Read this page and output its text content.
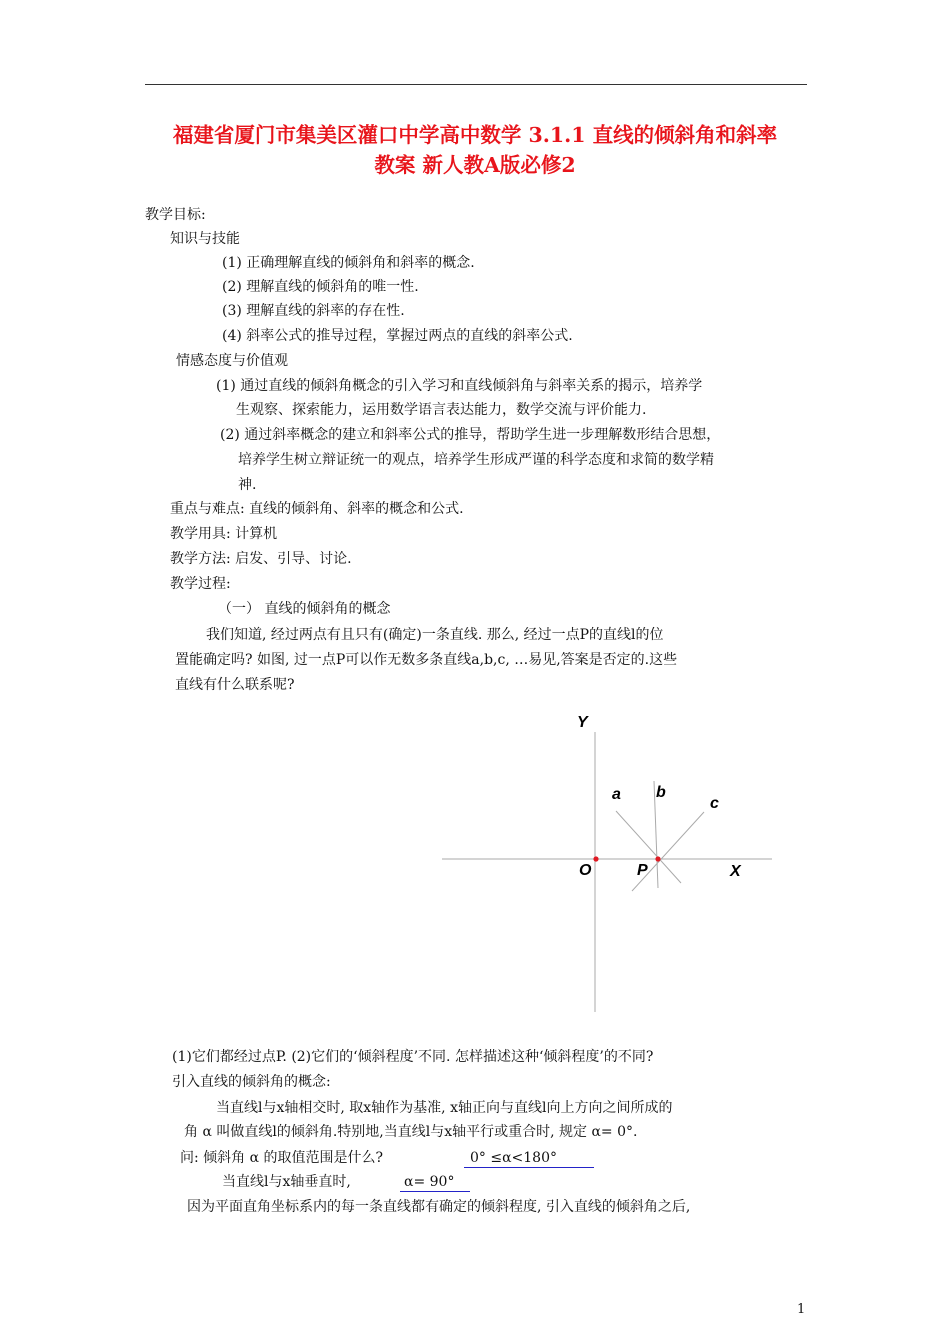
福建省厦门市集美区灌口中学高中数学 3.1.1 直线的倾斜角和斜率
教案 新人教A版必修2
教学目标:
知识与技能
(1) 正确理解直线的倾斜角和斜率的概念.
(2) 理解直线的倾斜角的唯一性.
(3) 理解直线的斜率的存在性.
(4) 斜率公式的推导过程，掌握过两点的直线的斜率公式.
情感态度与价值观
(1) 通过直线的倾斜角概念的引入学习和直线倾斜角与斜率关系的揭示，培养学
生观察、探索能力，运用数学语言表达能力，数学交流与评价能力.
(2) 通过斜率概念的建立和斜率公式的推导，帮助学生进一步理解数形结合思想，
培养学生树立辩证统一的观点，培养学生形成严谨的科学态度和求简的数学精
神.
重点与难点: 直线的倾斜角、斜率的概念和公式.
教学用具: 计算机
教学方法: 启发、引导、讨论.
教学过程:
（一） 直线的倾斜角的概念
我们知道, 经过两点有且只有(确定)一条直线. 那么, 经过一点P的直线l的位
置能确定吗? 如图, 过一点P可以作无数多条直线a,b,c, …易见,答案是否定的.这些
直线有什么联系呢?
Y
X
O	P
a b
c
(1)它们都经过点P. (2)它们的‘倾斜程度’不同. 怎样描述这种‘倾斜程度’的不同?
引入直线的倾斜角的概念:
当直线l与x轴相交时, 取x轴作为基准, x轴正向与直线l向上方向之间所成的
角 α 叫做直线l的倾斜角.特别地,当直线l与x轴平行或重合时, 规定 α= 0°.
问: 倾斜角 α 的取值范围是什么?	0° ≤α<180°
当直线l与x轴垂直时,	α= 90°
因为平面直角坐标系内的每一条直线都有确定的倾斜程度, 引入直线的倾斜角之后,
1
